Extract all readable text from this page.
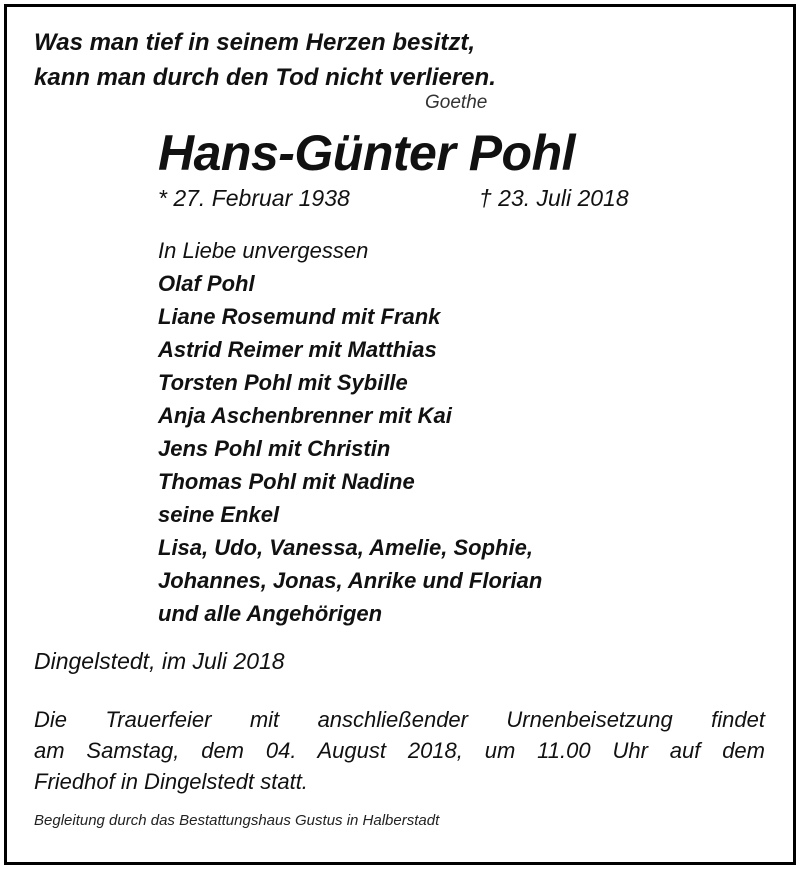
Was man tief in seinem Herzen besitzt,

kann man durch den Tod nicht verlieren.

Goethe

Hans-Günter Pohl

* 27. Februar 1938	† 23. Juli 2018

In Liebe unvergessen

Olaf Pohl

Liane Rosemund mit Frank

Astrid Reimer mit Matthias

Torsten Pohl mit Sybille

Anja Aschenbrenner mit Kai

Jens Pohl mit Christin

Thomas Pohl mit Nadine

seine Enkel

Lisa, Udo, Vanessa, Amelie, Sophie,

Johannes, Jonas, Anrike und Florian

und alle Angehörigen

Dingelstedt, im Juli 2018

Die Trauerfeier mit anschließender Urnenbeisetzung findet
am Samstag, dem 04. August 2018, um 11.00 Uhr auf dem
Friedhof in Dingelstedt statt.

Begleitung durch das Bestattungshaus Gustus in Halberstadt
